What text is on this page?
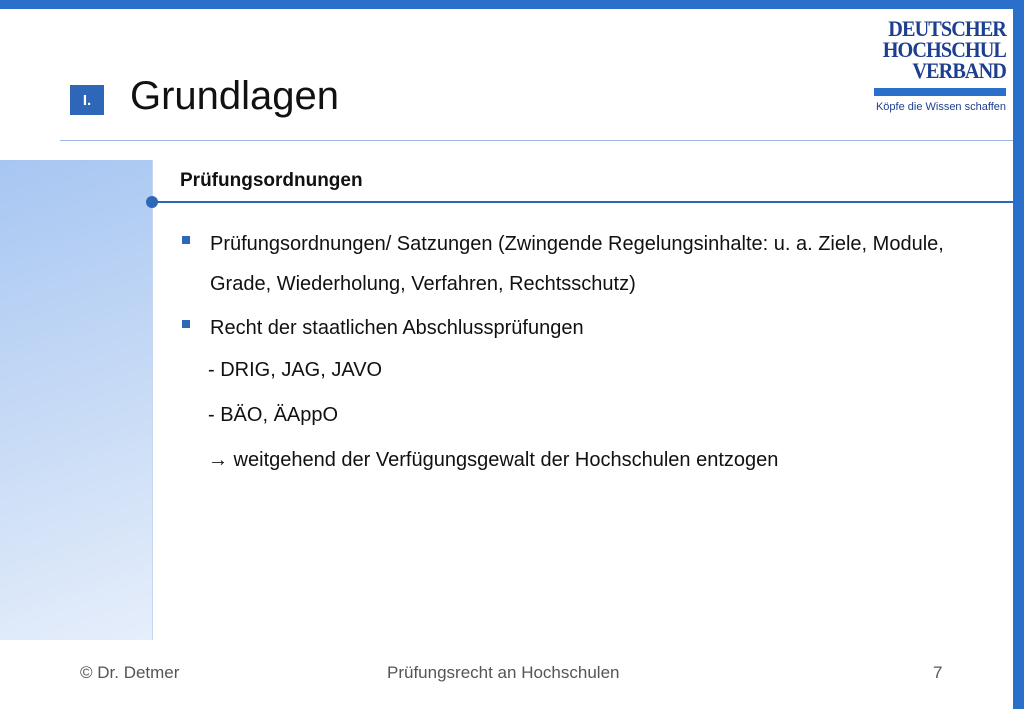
I. Grundlagen
DEUTSCHER
HOCHSCHUL
VERBAND
Köpfe die Wissen schaffen
Prüfungsordnungen
Prüfungsordnungen/ Satzungen (Zwingende Regelungsinhalte: u. a. Ziele, Module, Grade, Wiederholung, Verfahren, Rechtsschutz)
Recht der staatlichen Abschlussprüfungen
- DRIG, JAG, JAVO
- BÄO, ÄAppO
→ weitgehend der Verfügungsgewalt der Hochschulen entzogen
© Dr. Detmer	Prüfungsrecht an Hochschulen	7
